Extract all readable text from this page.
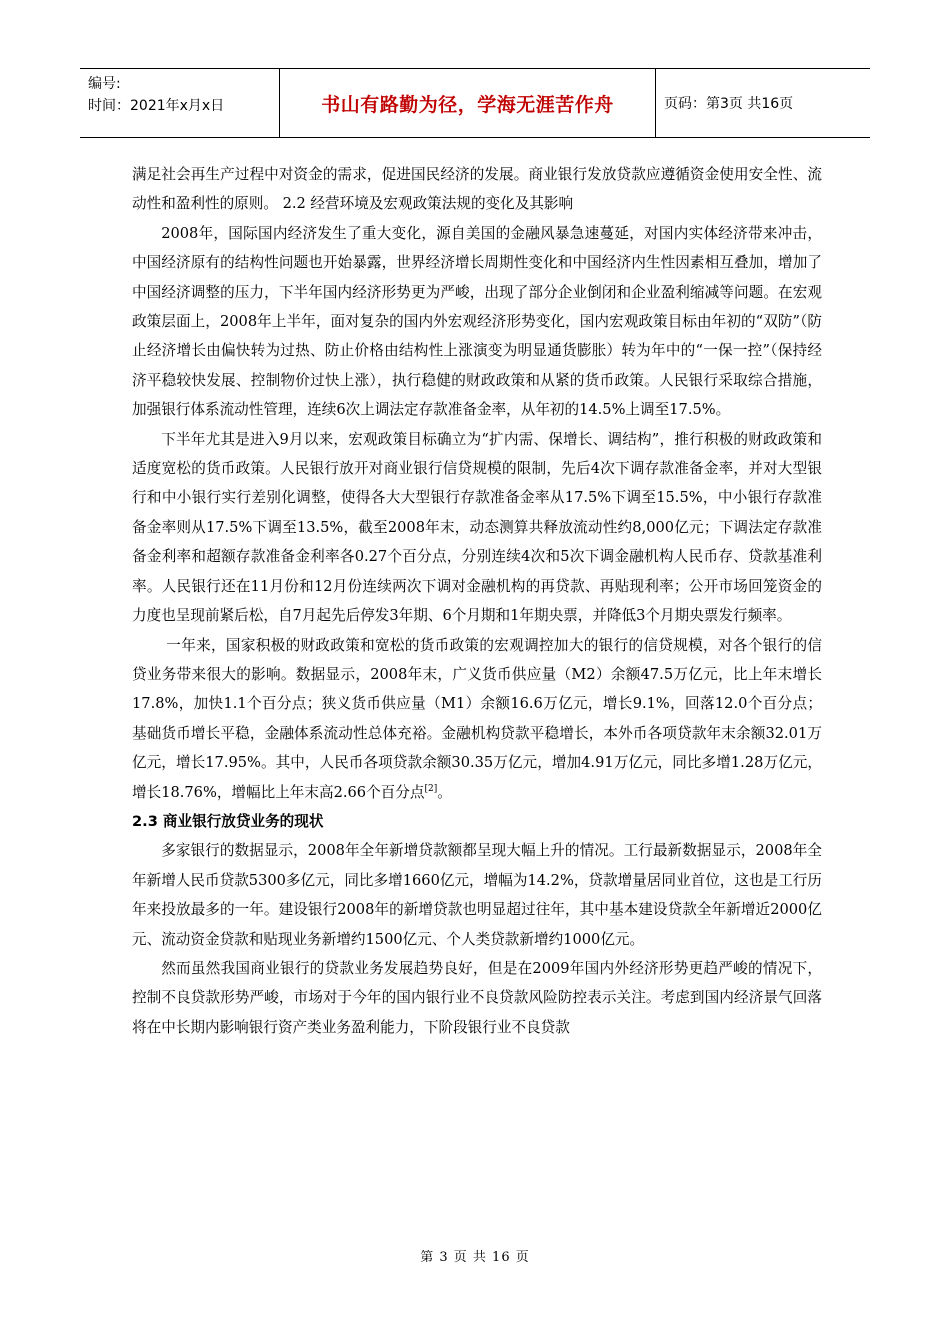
编号:
时间：2021年x月x日	书山有路勤为径，学海无涯苦作舟	页码：第3页 共16页

满足社会再生产过程中对资金的需求，促进国民经济的发展。商业银行发放贷款应遵循资金使用安全性、流动性和盈利性的原则。 2.2 经营环境及宏观政策法规的变化及其影响

2008年，国际国内经济发生了重大变化，源自美国的金融风暴急速蔓延，对国内实体经济带来冲击，中国经济原有的结构性问题也开始暴露，世界经济增长周期性变化和中国经济内生性因素相互叠加，增加了中国经济调整的压力，下半年国内经济形势更为严峻，出现了部分企业倒闭和企业盈利缩减等问题。在宏观政策层面上，2008年上半年，面对复杂的国内外宏观经济形势变化，国内宏观政策目标由年初的“双防”（防止经济增长由偏快转为过热、防止价格由结构性上涨演变为明显通货膨胀）转为年中的“一保一控”（保持经济平稳较快发展、控制物价过快上涨），执行稳健的财政政策和从紧的货币政策。人民银行采取综合措施，加强银行体系流动性管理，连续6次上调法定存款准备金率，从年初的14.5%上调至17.5%。

下半年尤其是进入9月以来，宏观政策目标确立为“扩内需、保增长、调结构”，推行积极的财政政策和适度宽松的货币政策。人民银行放开对商业银行信贷规模的限制，先后4次下调存款准备金率，并对大型银行和中小银行实行差别化调整，使得各大大型银行存款准备金率从17.5%下调至15.5%，中小银行存款准备金率则从17.5%下调至13.5%，截至2008年末，动态测算共释放流动性约8,000亿元；下调法定存款准备金利率和超额存款准备金利率各0.27个百分点，分别连续4次和5次下调金融机构人民币存、贷款基准利率。人民银行还在11月份和12月份连续两次下调对金融机构的再贷款、再贴现利率；公开市场回笼资金的力度也呈现前紧后松，自7月起先后停发3年期、6个月期和1年期央票，并降低3个月期央票发行频率。

一年来，国家积极的财政政策和宽松的货币政策的宏观调控加大的银行的信贷规模，对各个银行的信贷业务带来很大的影响。数据显示，2008年末，广义货币供应量（M2）余额47.5万亿元，比上年末增长17.8%，加快1.1个百分点；狭义货币供应量（M1）余额16.6万亿元，增长9.1%，回落12.0个百分点；基础货币增长平稳，金融体系流动性总体充裕。金融机构贷款平稳增长，本外币各项贷款年末余额32.01万亿元，增长17.95%。其中，人民币各项贷款余额30.35万亿元，增加4.91万亿元，同比多增1.28万亿元，增长18.76%，增幅比上年末高2.66个百分点[2]。

2.3 商业银行放贷业务的现状

多家银行的数据显示，2008年全年新增贷款额都呈现大幅上升的情况。工行最新数据显示，2008年全年新增人民币贷款5300多亿元，同比多增1660亿元，增幅为14.2%，贷款增量居同业首位，这也是工行历年来投放最多的一年。建设银行2008年的新增贷款也明显超过往年，其中基本建设贷款全年新增近2000亿元、流动资金贷款和贴现业务新增约1500亿元、个人类贷款新增约1000亿元。

然而虽然我国商业银行的贷款业务发展趋势良好，但是在2009年国内外经济形势更趋严峻的情况下，控制不良贷款形势严峻，市场对于今年的国内银行业不良贷款风险防控表示关注。考虑到国内经济景气回落将在中长期内影响银行资产类业务盈利能力，下阶段银行业不良贷款

第 3 页 共 16 页
